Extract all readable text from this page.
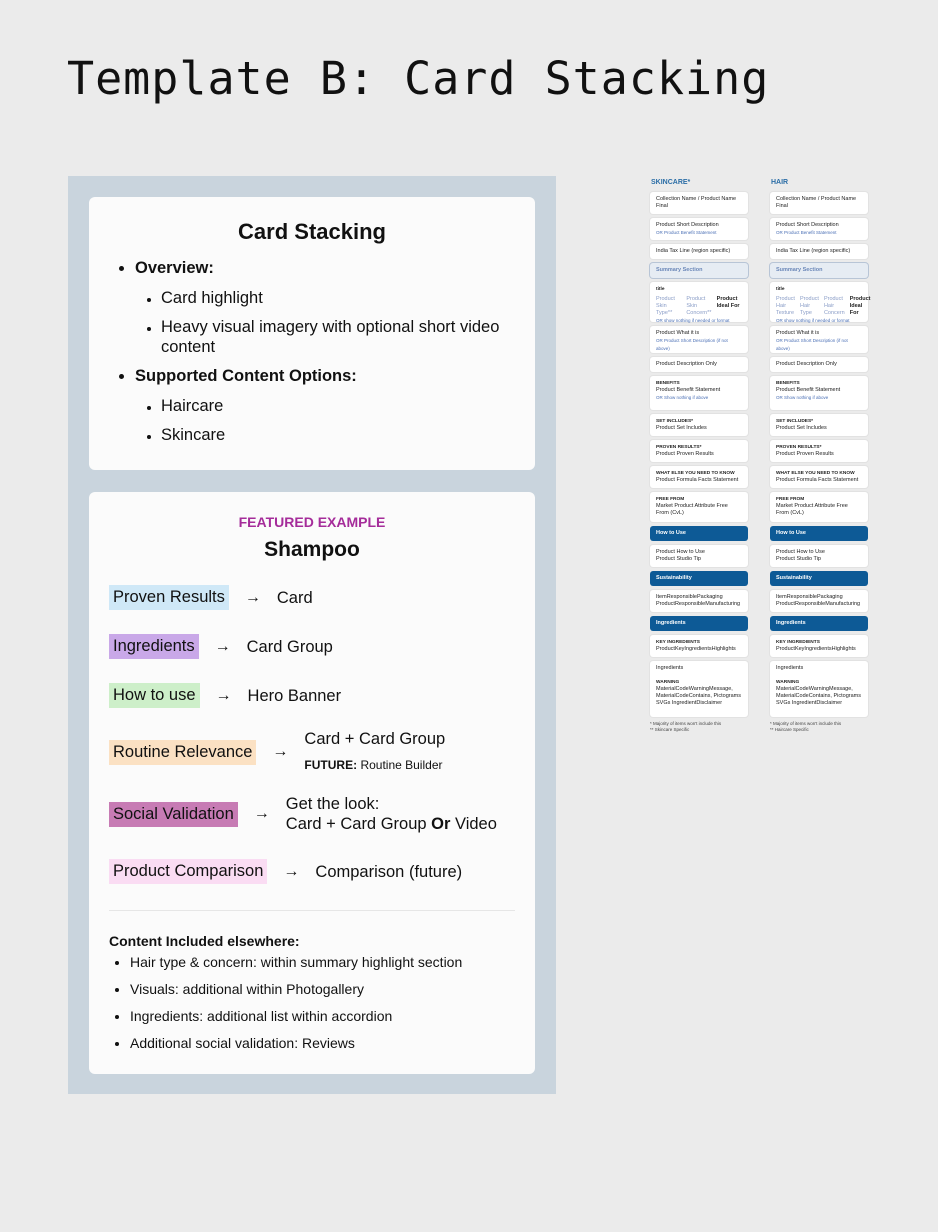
Template B: Card Stacking
Card Stacking
• Overview:
• Card highlight
• Heavy visual imagery with optional short video content
• Supported Content Options:
• Haircare
• Skincare
FEATURED EXAMPLE
Shampoo
Proven Results → Card
Ingredients → Card Group
How to use → Hero Banner
Routine Relevance →
Card + Card Group
FUTURE: Routine Builder
Social Validation →
Get the look:
Card + Card Group Or Video
Product Comparison → Comparison (future)
Content Included elsewhere:
• Hair type & concern: within summary highlight section
• Visuals: additional within Photogallery
• Ingredients: additional list within accordion
• Additional social validation: Reviews
SKINCARE*
Collection Name / Product Name Final
Product Short Description
OR Product Benefit Statement
India Tax Line (region specific)
Summary Section
title
Product Skin Type**
Product Skin Concern**
Product Ideal For
OR show nothing if needed or format
Product What it is
OR Product Short Description (if not above)
Product Description Only
BENEFITS
Product Benefit Statement
OR Show nothing if above
SET INCLUDES*
Product Set Includes
PROVEN RESULTS*
Product Proven Results
WHAT ELSE YOU NEED TO KNOW
Product Formula Facts Statement
FREE FROM
Market Product Attribute Free From (CvL)
How to Use
Product How to Use
Product Studio Tip
Sustainability
ItemResponsiblePackaging
ProductResponsibleManufacturing
Ingredients
KEY INGREDIENTS
ProductKeyIngredientsHighlights
Ingredients

WARNING
MaterialCodeWarningMessage, MaterialCodeContains, Pictograms SVGs IngredientDisclaimer
* Majority of items won't include this
** Skincare Specific
HAIR
Collection Name / Product Name Final
Product Short Description
OR Product Benefit Statement
India Tax Line (region specific)
Summary Section
title
Product Hair Texture
Product Hair Type
Product Hair Concern
Product Ideal For
OR show nothing if needed or format
Product What it is
OR Product Short Description (if not above)
Product Description Only
BENEFITS
Product Benefit Statement
OR Show nothing if above
SET INCLUDES*
Product Set Includes
PROVEN RESULTS*
Product Proven Results
WHAT ELSE YOU NEED TO KNOW
Product Formula Facts Statement
FREE FROM
Market Product Attribute Free From (CvL)
How to Use
Product How to Use
Product Studio Tip
Sustainability
ItemResponsiblePackaging
ProductResponsibleManufacturing
Ingredients
KEY INGREDIENTS
ProductKeyIngredientsHighlights
Ingredients

WARNING
MaterialCodeWarningMessage, MaterialCodeContains, Pictograms SVGs IngredientDisclaimer
* Majority of items won't include this
** Haircare Specific
